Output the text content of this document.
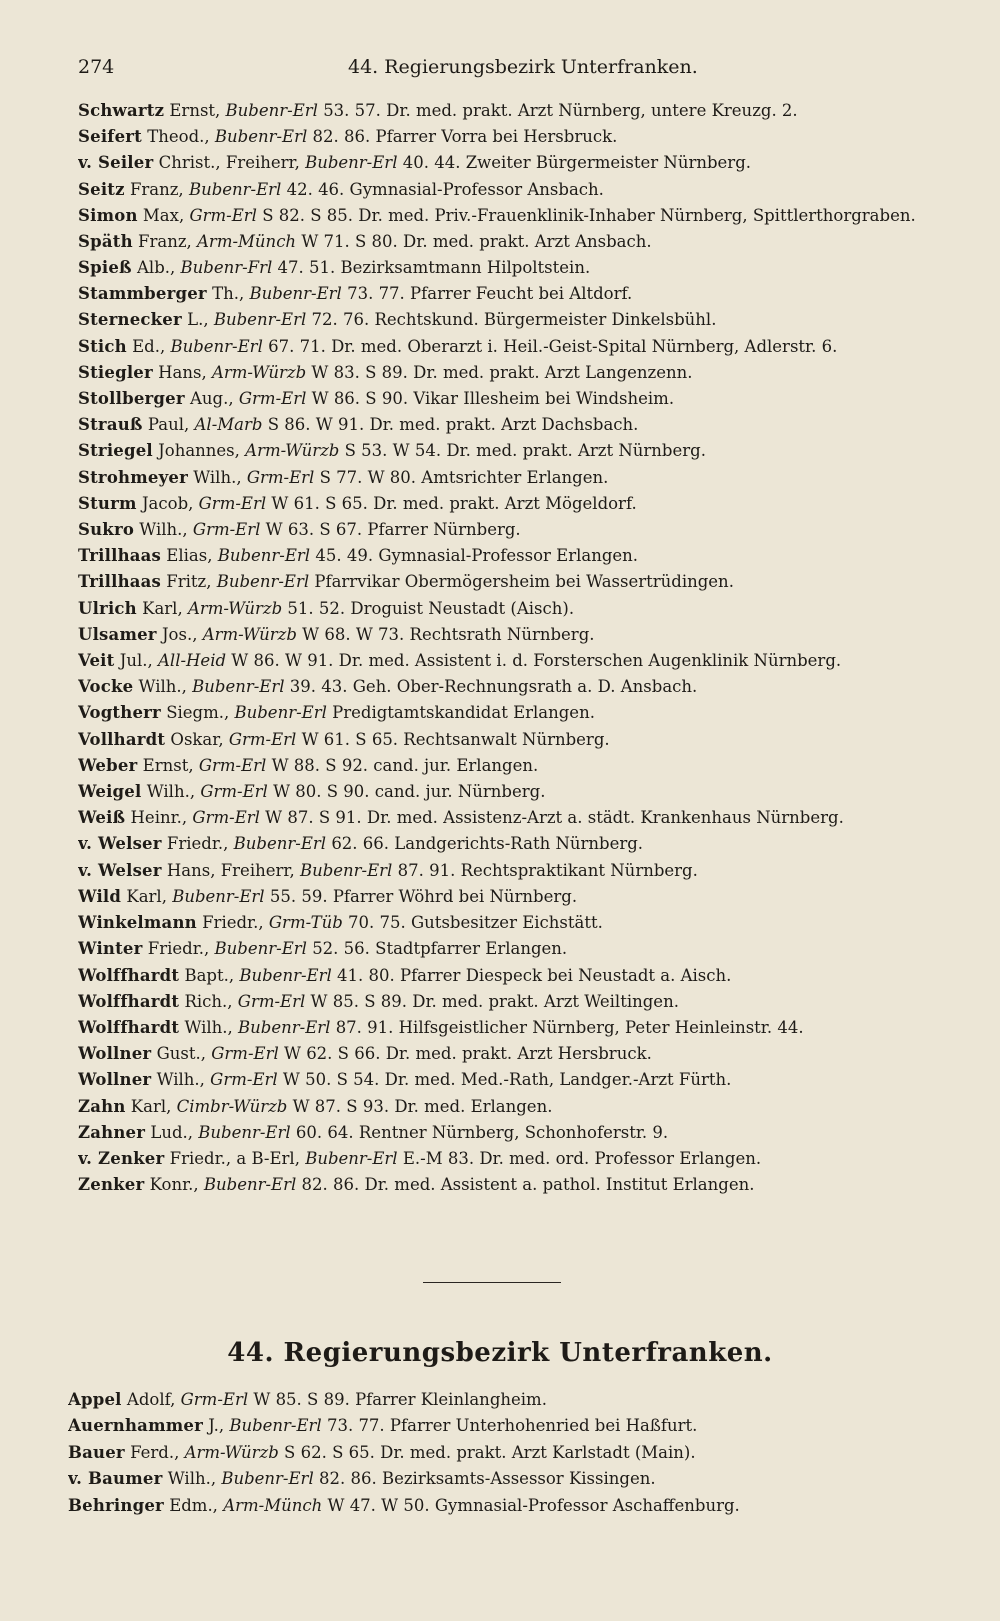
274	44. Regierungsbezirk Unterfranken.
Schwartz Ernst, Bubenr-Erl 53. 57. Dr. med. prakt. Arzt Nürnberg, untere Kreuzg. 2.
Seifert Theod., Bubenr-Erl 82. 86. Pfarrer Vorra bei Hersbruck.
v. Seiler Christ., Freiherr, Bubenr-Erl 40. 44. Zweiter Bürgermeister Nürnberg.
Seitz Franz, Bubenr-Erl 42. 46. Gymnasial-Professor Ansbach.
Simon Max, Grm-Erl S 82. S 85. Dr. med. Priv.-Frauenklinik-Inhaber Nürnberg, Spittlerthorgraben.
Späth Franz, Arm-Münch W 71. S 80. Dr. med. prakt. Arzt Ansbach.
Spieß Alb., Bubenr-Frl 47. 51. Bezirksamtmann Hilpoltstein.
Stammberger Th., Bubenr-Erl 73. 77. Pfarrer Feucht bei Altdorf.
Sternecker L., Bubenr-Erl 72. 76. Rechtskund. Bürgermeister Dinkelsbühl.
Stich Ed., Bubenr-Erl 67. 71. Dr. med. Oberarzt i. Heil.-Geist-Spital Nürnberg, Adlerstr. 6.
Stiegler Hans, Arm-Würzb W 83. S 89. Dr. med. prakt. Arzt Langenzenn.
Stollberger Aug., Grm-Erl W 86. S 90. Vikar Illesheim bei Windsheim.
Strauß Paul, Al-Marb S 86. W 91. Dr. med. prakt. Arzt Dachsbach.
Striegel Johannes, Arm-Würzb S 53. W 54. Dr. med. prakt. Arzt Nürnberg.
Strohmeyer Wilh., Grm-Erl S 77. W 80. Amtsrichter Erlangen.
Sturm Jacob, Grm-Erl W 61. S 65. Dr. med. prakt. Arzt Mögeldorf.
Sukro Wilh., Grm-Erl W 63. S 67. Pfarrer Nürnberg.
Trillhaas Elias, Bubenr-Erl 45. 49. Gymnasial-Professor Erlangen.
Trillhaas Fritz, Bubenr-Erl Pfarrvikar Obermögersheim bei Wassertrüdingen.
Ulrich Karl, Arm-Würzb 51. 52. Droguist Neustadt (Aisch).
Ulsamer Jos., Arm-Würzb W 68. W 73. Rechtsrath Nürnberg.
Veit Jul., All-Heid W 86. W 91. Dr. med. Assistent i. d. Forsterschen Augenklinik Nürnberg.
Vocke Wilh., Bubenr-Erl 39. 43. Geh. Ober-Rechnungsrath a. D. Ansbach.
Vogtherr Siegm., Bubenr-Erl Predigtamtskandidat Erlangen.
Vollhardt Oskar, Grm-Erl W 61. S 65. Rechtsanwalt Nürnberg.
Weber Ernst, Grm-Erl W 88. S 92. cand. jur. Erlangen.
Weigel Wilh., Grm-Erl W 80. S 90. cand. jur. Nürnberg.
Weiß Heinr., Grm-Erl W 87. S 91. Dr. med. Assistenz-Arzt a. städt. Krankenhaus Nürnberg.
v. Welser Friedr., Bubenr-Erl 62. 66. Landgerichts-Rath Nürnberg.
v. Welser Hans, Freiherr, Bubenr-Erl 87. 91. Rechtspraktikant Nürnberg.
Wild Karl, Bubenr-Erl 55. 59. Pfarrer Wöhrd bei Nürnberg.
Winkelmann Friedr., Grm-Tüb 70. 75. Gutsbesitzer Eichstätt.
Winter Friedr., Bubenr-Erl 52. 56. Stadtpfarrer Erlangen.
Wolffhardt Bapt., Bubenr-Erl 41. 80. Pfarrer Diespeck bei Neustadt a. Aisch.
Wolffhardt Rich., Grm-Erl W 85. S 89. Dr. med. prakt. Arzt Weiltingen.
Wolffhardt Wilh., Bubenr-Erl 87. 91. Hilfsgeistlicher Nürnberg, Peter Heinleinstr. 44.
Wollner Gust., Grm-Erl W 62. S 66. Dr. med. prakt. Arzt Hersbruck.
Wollner Wilh., Grm-Erl W 50. S 54. Dr. med. Med.-Rath, Landger.-Arzt Fürth.
Zahn Karl, Cimbr-Würzb W 87. S 93. Dr. med. Erlangen.
Zahner Lud., Bubenr-Erl 60. 64. Rentner Nürnberg, Schonhoferstr. 9.
v. Zenker Friedr., a B-Erl, Bubenr-Erl E.-M 83. Dr. med. ord. Professor Erlangen.
Zenker Konr., Bubenr-Erl 82. 86. Dr. med. Assistent a. pathol. Institut Erlangen.
44. Regierungsbezirk Unterfranken.
Appel Adolf, Grm-Erl W 85. S 89. Pfarrer Kleinlangheim.
Auernhammer J., Bubenr-Erl 73. 77. Pfarrer Unterhohenried bei Haßfurt.
Bauer Ferd., Arm-Würzb S 62. S 65. Dr. med. prakt. Arzt Karlstadt (Main).
v. Baumer Wilh., Bubenr-Erl 82. 86. Bezirksamts-Assessor Kissingen.
Behringer Edm., Arm-Münch W 47. W 50. Gymnasial-Professor Aschaffenburg.
